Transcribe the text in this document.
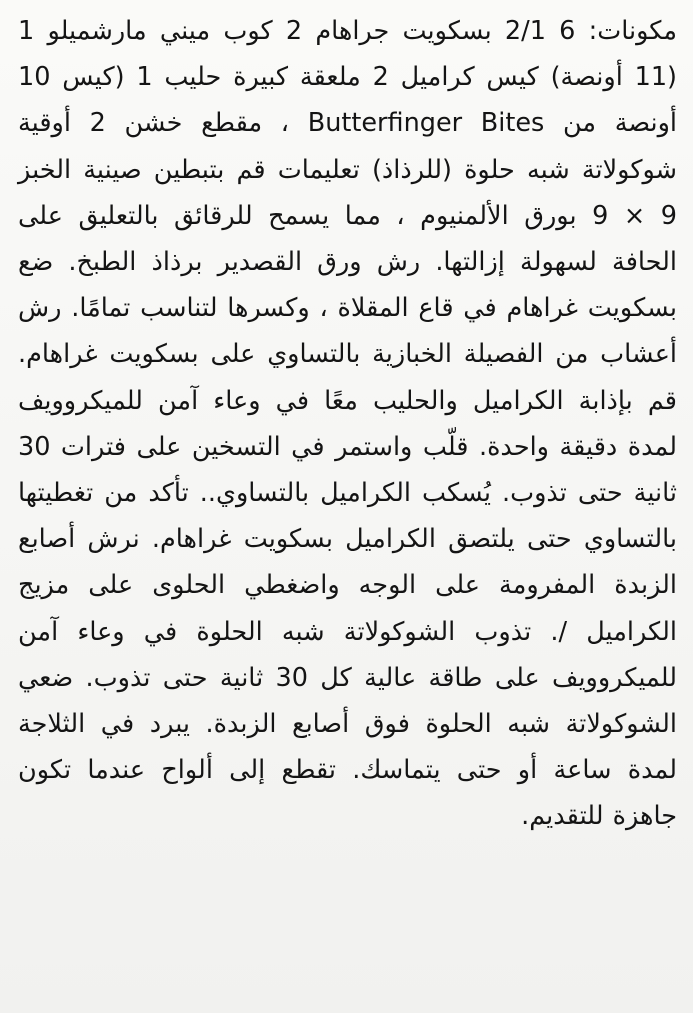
مكونات: 6 2/1 بسكويت جراهام 2 كوب ميني مارشميلو 1 (11 أونصة) كيس كراميل 2 ملعقة كبيرة حليب 1 (كيس 10 أونصة من Butterfinger Bites ، مقطع خشن 2 أوقية شوكولاتة شبه حلوة (للرذاذ) تعليمات قم بتبطين صينية الخبز 9 × 9 بورق الألمنيوم ، مما يسمح للرقائق بالتعليق على الحافة لسهولة إزالتها. رش ورق القصدير برذاذ الطبخ. ضع بسكويت غراهام في قاع المقلاة ، وكسرها لتناسب تمامًا. رش أعشاب من الفصيلة الخبازية بالتساوي على بسكويت غراهام. قم بإذابة الكراميل والحليب معًا في وعاء آمن للميكروويف لمدة دقيقة واحدة. قلّب واستمر في التسخين على فترات 30 ثانية حتى تذوب. يُسكب الكراميل بالتساوي.. تأكد من تغطيتها بالتساوي حتى يلتصق الكراميل بسكويت غراهام. نرش أصابع الزبدة المفرومة على الوجه واضغطي الحلوى على مزيج الكراميل /. تذوب الشوكولاتة شبه الحلوة في وعاء آمن للميكروويف على طاقة عالية كل 30 ثانية حتى تذوب. ضعي الشوكولاتة شبه الحلوة فوق أصابع الزبدة. يبرد في الثلاجة لمدة ساعة أو حتى يتماسك. تقطع إلى ألواح عندما تكون جاهزة للتقديم.
